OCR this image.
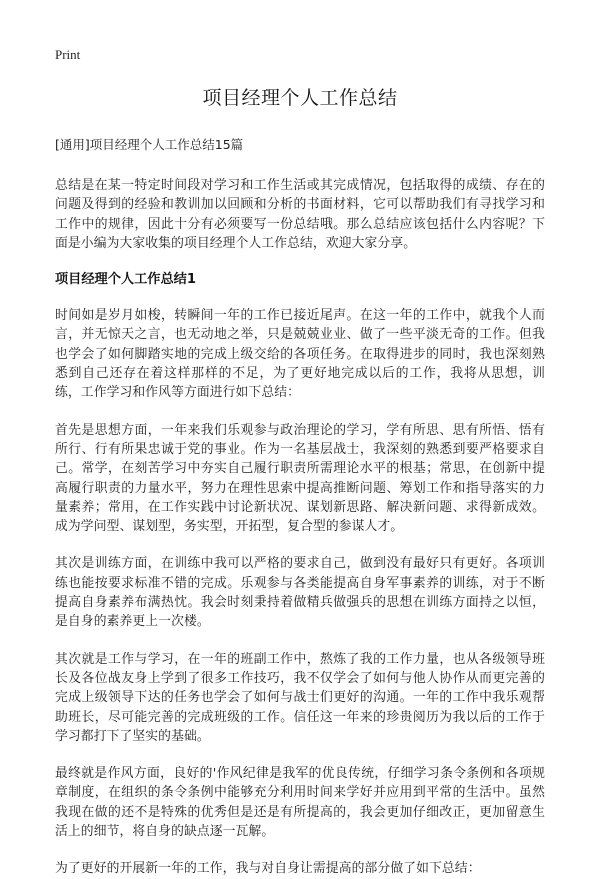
Print
项目经理个人工作总结
[通用]项目经理个人工作总结15篇

总结是在某一特定时间段对学习和工作生活或其完成情况，包括取得的成绩、存在的问题及得到的经验和教训加以回顾和分析的书面材料，它可以帮助我们有寻找学习和工作中的规律，因此十分有必须要写一份总结哦。那么总结应该包括什么内容呢？下面是小编为大家收集的项目经理个人工作总结，欢迎大家分享。

项目经理个人工作总结1

时间如是岁月如梭，转瞬间一年的工作已接近尾声。在这一年的工作中，就我个人而言，并无惊天之言，也无动地之举，只是兢兢业业、做了一些平淡无奇的工作。但我也学会了如何脚踏实地的完成上级交给的各项任务。在取得进步的同时，我也深刻熟悉到自己还存在着这样那样的不足，为了更好地完成以后的工作，我将从思想，训练，工作学习和作风等方面进行如下总结：

首先是思想方面，一年来我们乐观参与政治理论的学习，学有所思、思有所悟、悟有所行、行有所果忠诚于党的事业。作为一名基层战士，我深刻的熟悉到要严格要求自己。常学，在刻苦学习中夯实自己履行职责所需理论水平的根基；常思，在创新中提高履行职责的力量水平，努力在理性思索中提高推断问题、筹划工作和指导落实的力量素养；常用，在工作实践中讨论新状况、谋划新思路、解决新问题、求得新成效。成为学问型、谋划型，务实型，开拓型，复合型的参谋人才。

其次是训练方面，在训练中我可以严格的要求自己，做到没有最好只有更好。各项训练也能按要求标准不错的完成。乐观参与各类能提高自身军事素养的训练，对于不断提高自身素养布满热忱。我会时刻秉持着做精兵做强兵的思想在训练方面持之以恒，是自身的素养更上一次楼。

其次就是工作与学习，在一年的班副工作中，熬炼了我的工作力量，也从各级领导班长及各位战友身上学到了很多工作技巧，我不仅学会了如何与他人协作从而更完善的完成上级领导下达的任务也学会了如何与战士们更好的沟通。一年的工作中我乐观帮助班长，尽可能完善的完成班级的工作。信任这一年来的珍贵阅历为我以后的工作于学习都打下了坚实的基础。

最终就是作风方面，良好的'作风纪律是我军的优良传统，仔细学习条令条例和各项规章制度，在组织的条令条例中能够充分利用时间来学好并应用到平常的生活中。虽然我现在做的还不是特殊的优秀但是还是有所提高的，我会更加仔细改正，更加留意生活上的细节，将自身的缺点逐一瓦解。

为了更好的开展新一年的工作，我与对自身让需提高的部分做了如下总结：
